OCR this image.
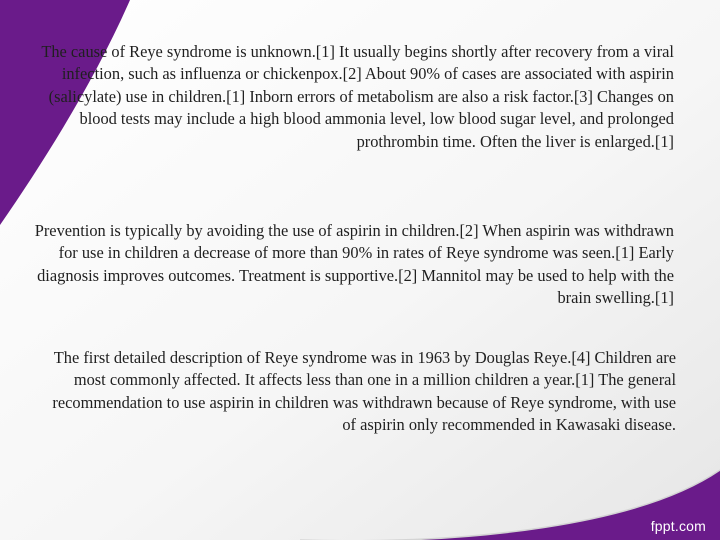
The cause of Reye syndrome is unknown.[1] It usually begins shortly after recovery from a viral infection, such as influenza or chickenpox.[2] About 90% of cases are associated with aspirin (salicylate) use in children.[1] Inborn errors of metabolism are also a risk factor.[3] Changes on blood tests may include a high blood ammonia level, low blood sugar level, and prolonged prothrombin time. Often the liver is enlarged.[1]

Prevention is typically by avoiding the use of aspirin in children.[2] When aspirin was withdrawn for use in children a decrease of more than 90% in rates of Reye syndrome was seen.[1] Early diagnosis improves outcomes. Treatment is supportive.[2] Mannitol may be used to help with the brain swelling.[1]

The first detailed description of Reye syndrome was in 1963 by Douglas Reye.[4] Children are most commonly affected. It affects less than one in a million children a year.[1] The general recommendation to use aspirin in children was withdrawn because of Reye syndrome, with use of aspirin only recommended in Kawasaki disease.

fppt.com
